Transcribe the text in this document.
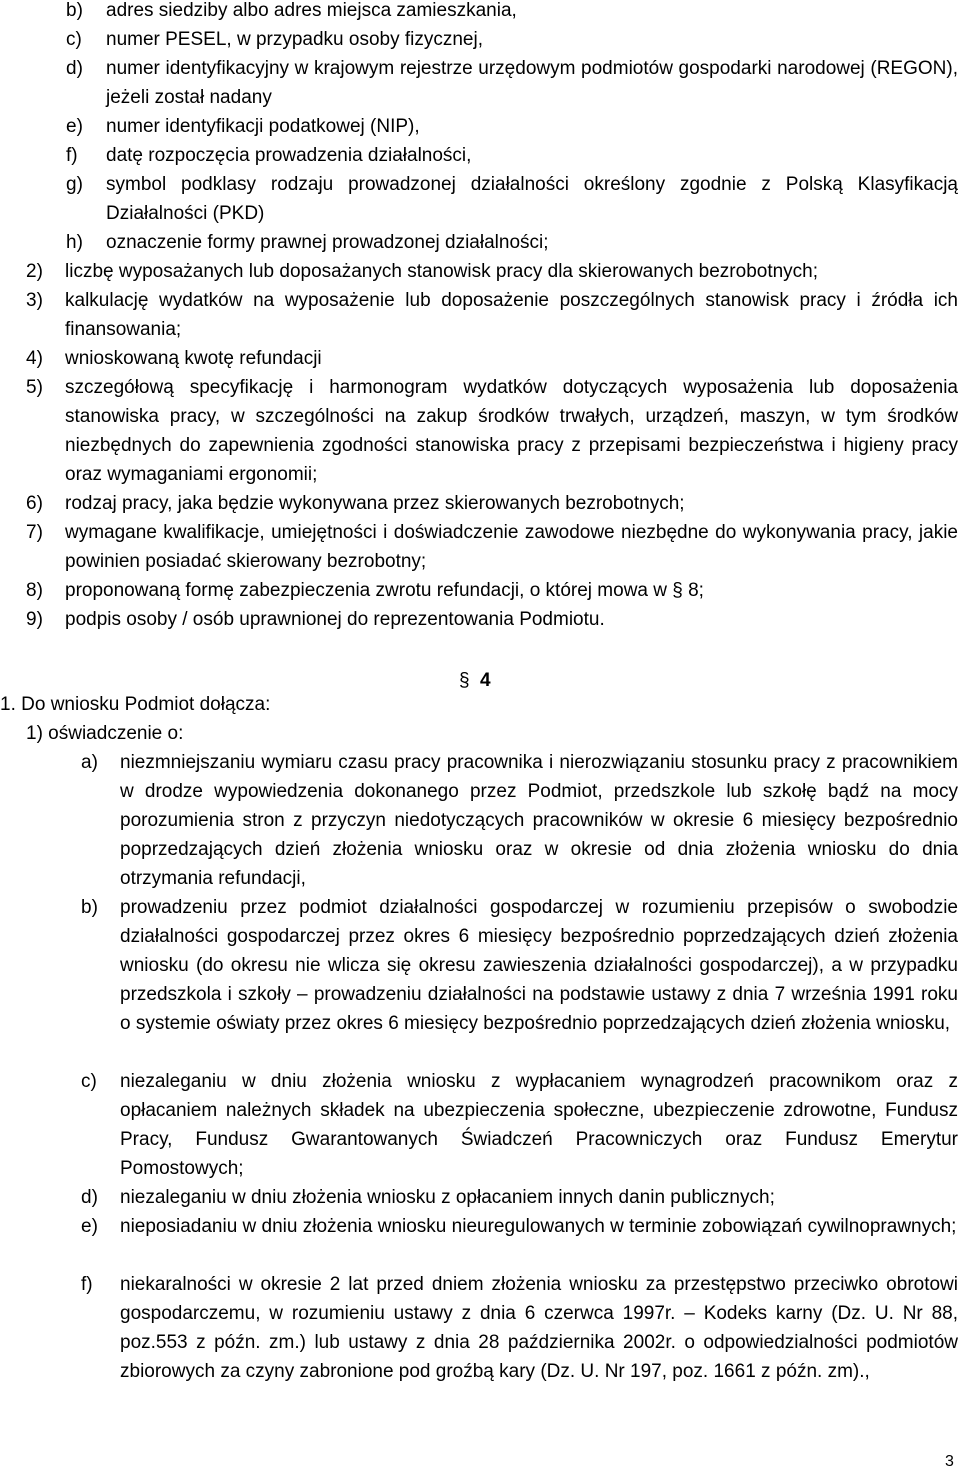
b)	adres siedziby albo adres miejsca zamieszkania,
c)	numer PESEL, w przypadku osoby fizycznej,
d)	numer identyfikacyjny w krajowym rejestrze urzędowym podmiotów gospodarki narodowej (REGON), jeżeli został nadany
e)	numer identyfikacji podatkowej (NIP),
f)	datę rozpoczęcia prowadzenia działalności,
g)	symbol podklasy rodzaju prowadzonej działalności określony zgodnie z Polską Klasyfikacją Działalności (PKD)
h)	oznaczenie formy prawnej prowadzonej działalności;
2)	liczbę wyposażanych lub doposażanych stanowisk pracy dla skierowanych bezrobotnych;
3)	kalkulację wydatków na wyposażenie lub doposażenie poszczególnych stanowisk pracy i źródła ich finansowania;
4)	wnioskowaną kwotę refundacji
5)	szczegółową specyfikację i harmonogram wydatków dotyczących wyposażenia lub doposażenia stanowiska pracy, w szczególności na zakup środków trwałych, urządzeń, maszyn, w tym środków niezbędnych do zapewnienia zgodności stanowiska pracy z przepisami bezpieczeństwa i higieny pracy oraz wymaganiami ergonomii;
6)	rodzaj pracy, jaka będzie wykonywana przez skierowanych bezrobotnych;
7)	wymagane kwalifikacje, umiejętności i doświadczenie zawodowe niezbędne do wykonywania pracy, jakie powinien posiadać skierowany bezrobotny;
8)	proponowaną formę zabezpieczenia zwrotu refundacji, o której mowa w § 8;
9)	podpis osoby / osób uprawnionej do reprezentowania Podmiotu.
§ 4
1. Do wniosku Podmiot dołącza:
1) oświadczenie o:
a)	niezmniejszaniu wymiaru czasu pracy pracownika i nierozwiązaniu stosunku pracy z pracownikiem w drodze wypowiedzenia dokonanego przez Podmiot, przedszkole lub szkołę bądź na mocy porozumienia stron z przyczyn niedotyczących pracowników w okresie 6 miesięcy bezpośrednio poprzedzających dzień złożenia wniosku oraz w okresie od dnia złożenia wniosku do dnia otrzymania refundacji,
b)	prowadzeniu przez podmiot działalności gospodarczej w rozumieniu przepisów o swobodzie działalności gospodarczej przez okres 6 miesięcy bezpośrednio poprzedzających dzień złożenia wniosku (do okresu nie wlicza się okresu zawieszenia działalności gospodarczej), a w przypadku przedszkola i szkoły – prowadzeniu działalności na podstawie ustawy z dnia 7 września 1991 roku o systemie oświaty przez okres 6 miesięcy bezpośrednio poprzedzających dzień złożenia wniosku,
c)	niezaleganiu w dniu złożenia wniosku z wypłacaniem wynagrodzeń pracownikom oraz z opłacaniem należnych składek na ubezpieczenia społeczne, ubezpieczenie zdrowotne, Fundusz Pracy, Fundusz Gwarantowanych Świadczeń Pracowniczych oraz Fundusz Emerytur Pomostowych;
d)	niezaleganiu w dniu złożenia wniosku z opłacaniem innych danin publicznych;
e)	nieposiadaniu w dniu złożenia wniosku nieuregulowanych w terminie zobowiązań cywilnoprawnych;
f)	niekaralności w okresie 2 lat przed dniem złożenia wniosku za przestępstwo przeciwko obrotowi gospodarczemu, w rozumieniu ustawy z dnia 6 czerwca 1997r. – Kodeks karny (Dz. U. Nr 88, poz.553 z późn. zm.) lub ustawy z dnia 28 października 2002r. o odpowiedzialności podmiotów zbiorowych za czyny zabronione pod groźbą kary (Dz. U. Nr 197, poz. 1661 z późn. zm).,
3
